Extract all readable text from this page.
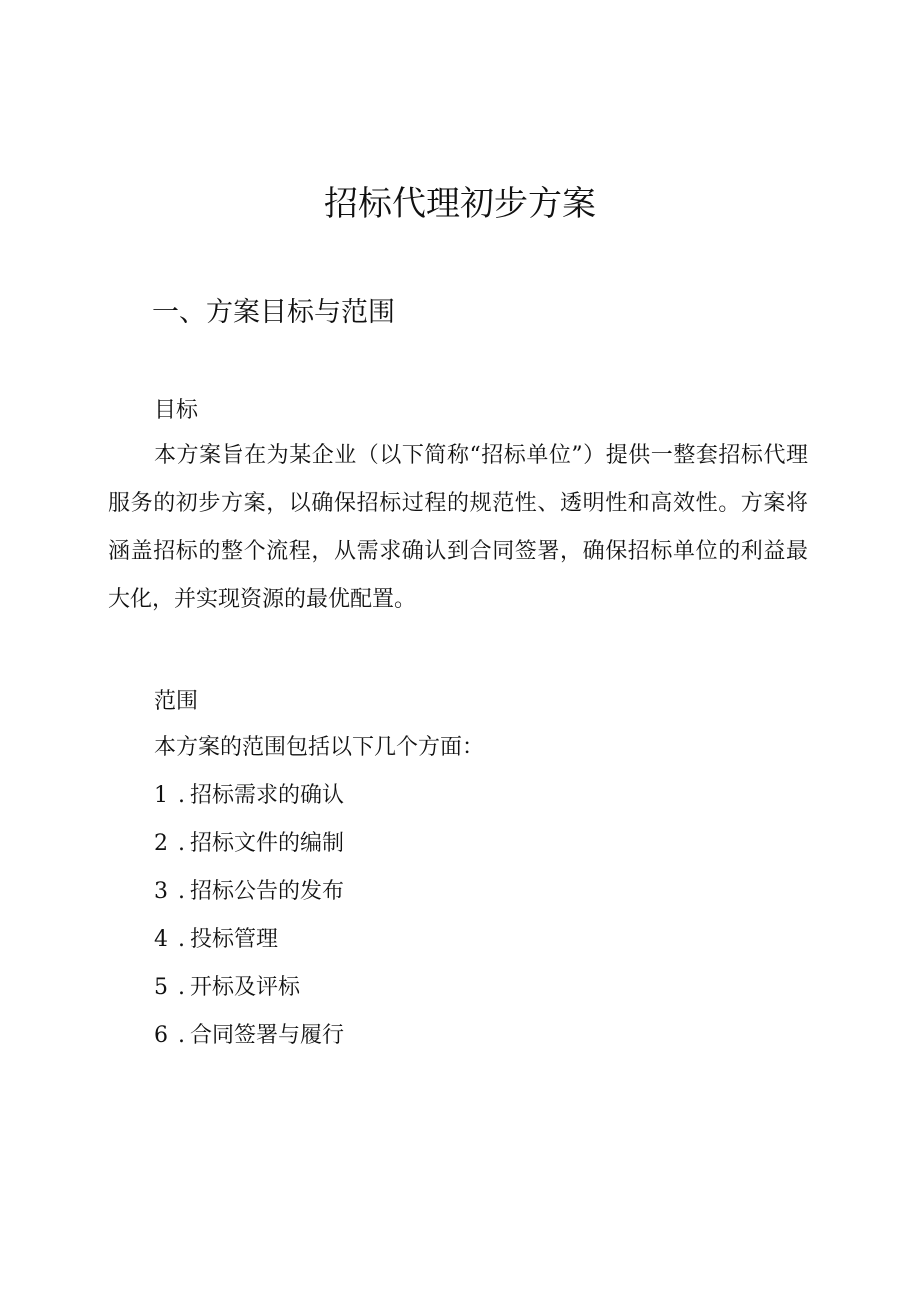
招标代理初步方案
一、方案目标与范围
目标

本方案旨在为某企业（以下简称“招标单位”）提供一整套招标代理服务的初步方案，以确保招标过程的规范性、透明性和高效性。方案将涵盖招标的整个流程，从需求确认到合同签署，确保招标单位的利益最大化，并实现资源的最优配置。

范围

本方案的范围包括以下几个方面：

1 . 招标需求的确认
2 . 招标文件的编制
3 . 招标公告的发布
4 . 投标管理
5 . 开标及评标
6 . 合同签署与履行
